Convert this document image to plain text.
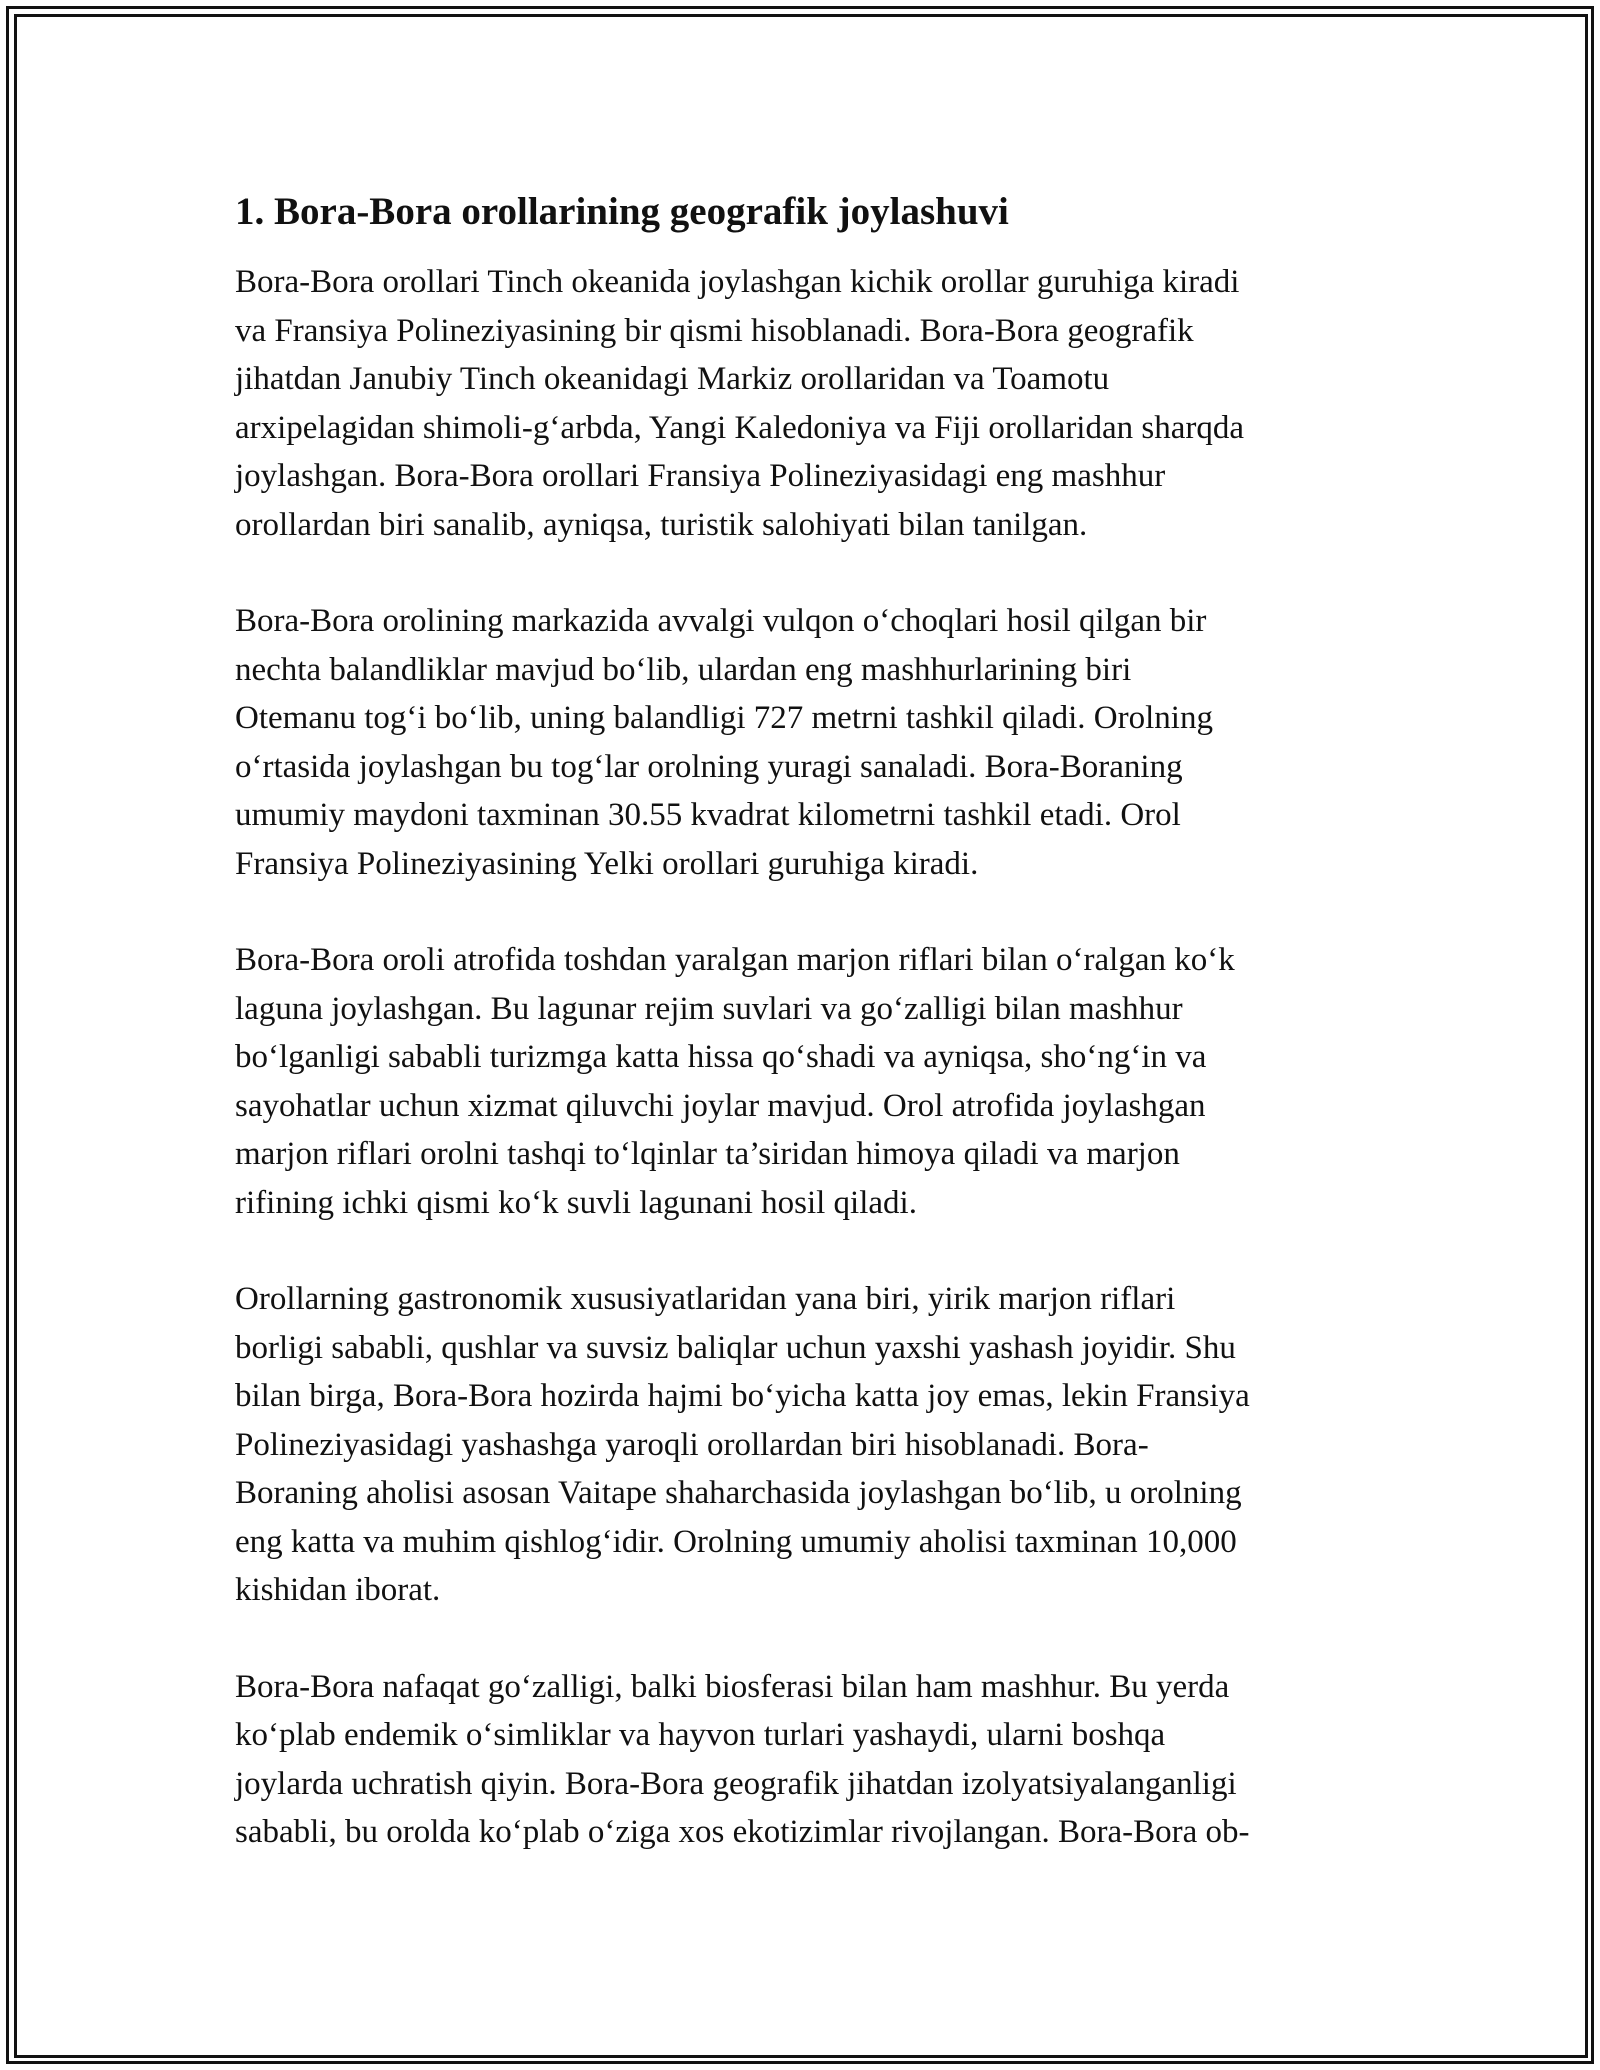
1. Bora-Bora orollarining geografik joylashuvi

Bora-Bora orollari Tinch okeanida joylashgan kichik orollar guruhiga kiradi
va Fransiya Polineziyasining bir qismi hisoblanadi. Bora-Bora geografik
jihatdan Janubiy Tinch okeanidagi Markiz orollaridan va Toamotu
arxipelagidan shimoli-g‘arbda, Yangi Kaledoniya va Fiji orollaridan sharqda
joylashgan. Bora-Bora orollari Fransiya Polineziyasidagi eng mashhur
orollardan biri sanalib, ayniqsa, turistik salohiyati bilan tanilgan.

Bora-Bora orolining markazida avvalgi vulqon o‘choqlari hosil qilgan bir
nechta balandliklar mavjud bo‘lib, ulardan eng mashhurlarining biri
Otemanu tog‘i bo‘lib, uning balandligi 727 metrni tashkil qiladi. Orolning
o‘rtasida joylashgan bu tog‘lar orolning yuragi sanaladi. Bora-Boraning
umumiy maydoni taxminan 30.55 kvadrat kilometrni tashkil etadi. Orol
Fransiya Polineziyasining Yelki orollari guruhiga kiradi.

Bora-Bora oroli atrofida toshdan yaralgan marjon riflari bilan o‘ralgan ko‘k
laguna joylashgan. Bu lagunar rejim suvlari va go‘zalligi bilan mashhur
bo‘lganligi sababli turizmga katta hissa qo‘shadi va ayniqsa, sho‘ng‘in va
sayohatlar uchun xizmat qiluvchi joylar mavjud. Orol atrofida joylashgan
marjon riflari orolni tashqi to‘lqinlar ta’siridan himoya qiladi va marjon
rifining ichki qismi ko‘k suvli lagunani hosil qiladi.

Orollarning gastronomik xususiyatlaridan yana biri, yirik marjon riflari
borligi sababli, qushlar va suvsiz baliqlar uchun yaxshi yashash joyidir. Shu
bilan birga, Bora-Bora hozirda hajmi bo‘yicha katta joy emas, lekin Fransiya
Polineziyasidagi yashashga yaroqli orollardan biri hisoblanadi. Bora-
Boraning aholisi asosan Vaitape shaharchasida joylashgan bo‘lib, u orolning
eng katta va muhim qishlog‘idir. Orolning umumiy aholisi taxminan 10,000
kishidan iborat.

Bora-Bora nafaqat go‘zalligi, balki biosferasi bilan ham mashhur. Bu yerda
ko‘plab endemik o‘simliklar va hayvon turlari yashaydi, ularni boshqa
joylarda uchratish qiyin. Bora-Bora geografik jihatdan izolyatsiyalanganligi
sababli, bu orolda ko‘plab o‘ziga xos ekotizimlar rivojlangan. Bora-Bora ob-
